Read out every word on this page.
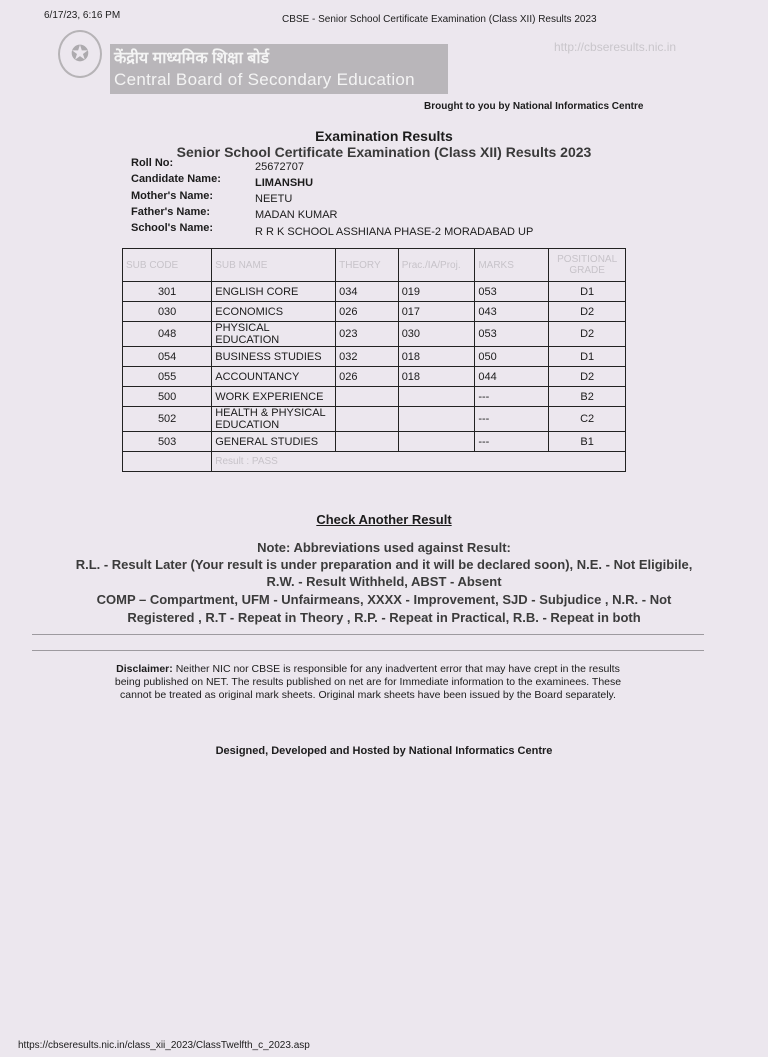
6/17/23, 6:16 PM	CBSE - Senior School Certificate Examination (Class XII) Results 2023
✪	केंद्रीय माध्यमिक शिक्षा बोर्ड
Central Board of Secondary Education
http://cbseresults.nic.in
Brought to you by National Informatics Centre
Examination Results
Senior School Certificate Examination (Class XII) Results 2023
Roll No:	25672707
Candidate Name:	LIMANSHU
Mother's Name:	NEETU
Father's Name:	MADAN KUMAR
School's Name:	R R K SCHOOL ASSHIANA PHASE-2 MORADABAD UP
SUB CODE	SUB NAME	THEORY	Prac./IA/Proj.	MARKS	POSITIONAL GRADE
301	ENGLISH CORE	034	019	053	D1
030	ECONOMICS	026	017	043	D2
048	PHYSICAL EDUCATION	023	030	053	D2
054	BUSINESS STUDIES	032	018	050	D1
055	ACCOUNTANCY	026	018	044	D2
500	WORK EXPERIENCE			---	B2
502	HEALTH & PHYSICAL EDUCATION			---	C2
503	GENERAL STUDIES			---	B1
	Result : PASS				
Check Another Result
Note: Abbreviations used against Result:
R.L. - Result Later (Your result is under preparation and it will be declared soon), N.E. - Not Eligibile,
R.W. - Result Withheld, ABST - Absent
COMP – Compartment, UFM - Unfairmeans, XXXX - Improvement, SJD - Subjudice , N.R. - Not
Registered , R.T - Repeat in Theory , R.P. - Repeat in Practical, R.B. - Repeat in both
Disclaimer: Neither NIC nor CBSE is responsible for any inadvertent error that may have crept in the results being published on NET. The results published on net are for Immediate information to the examinees. These cannot be treated as original mark sheets. Original mark sheets have been issued by the Board separately.
Designed, Developed and Hosted by National Informatics Centre
https://cbseresults.nic.in/class_xii_2023/ClassTwelfth_c_2023.asp
